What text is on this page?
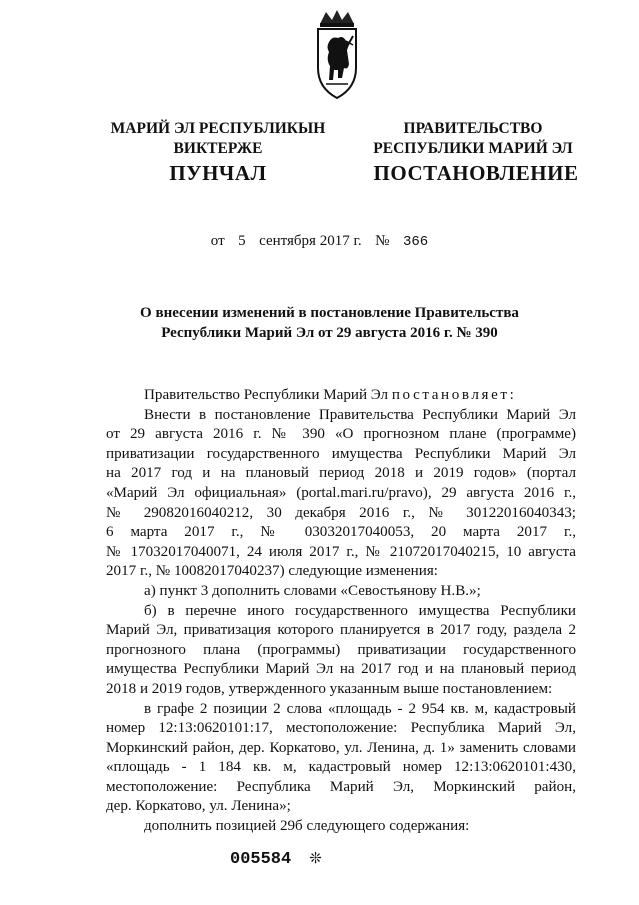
МАРИЙ ЭЛ РЕСПУБЛИКЫН
ВИКТЕРЖЕ
ПРАВИТЕЛЬСТВО
РЕСПУБЛИКИ МАРИЙ ЭЛ
ПУНЧАЛ	ПОСТАНОВЛЕНИЕ
от 5 сентября 2017 г. № 366
О внесении изменений в постановление Правительства
Республики Марий Эл от 29 августа 2016 г. № 390

Правительство Республики Марий Эл постановляет:

Внести в постановление Правительства Республики Марий Эл

от 29 августа 2016 г. № 390 «О прогнозном плане (программе)

приватизации государственного имущества Республики Марий Эл

на 2017 год и на плановый период 2018 и 2019 годов» (портал

«Марий Эл официальная» (portal.mari.ru/pravo), 29 августа 2016 г.,

№ 29082016040212, 30 декабря 2016 г., № 30122016040343;

6 марта 2017 г., № 03032017040053, 20 марта 2017 г.,

№ 17032017040071, 24 июля 2017 г., № 21072017040215, 10 августа

2017 г., № 10082017040237) следующие изменения:

а) пункт 3 дополнить словами «Севостьянову Н.В.»;

б) в перечне иного государственного имущества Республики

Марий Эл, приватизация которого планируется в 2017 году, раздела 2

прогнозного плана (программы) приватизации государственного

имущества Республики Марий Эл на 2017 год и на плановый период

2018 и 2019 годов, утвержденного указанным выше постановлением:

в графе 2 позиции 2 слова «площадь - 2 954 кв. м, кадастровый

номер 12:13:0620101:17, местоположение: Республика Марий Эл,

Моркинский район, дер. Коркатово, ул. Ленина, д. 1» заменить словами

«площадь - 1 184 кв. м, кадастровый номер 12:13:0620101:430,

местоположение: Республика Марий Эл, Моркинский район,

дер. Коркатово, ул. Ленина»;

дополнить позицией 29б следующего содержания:

005584 ❊
